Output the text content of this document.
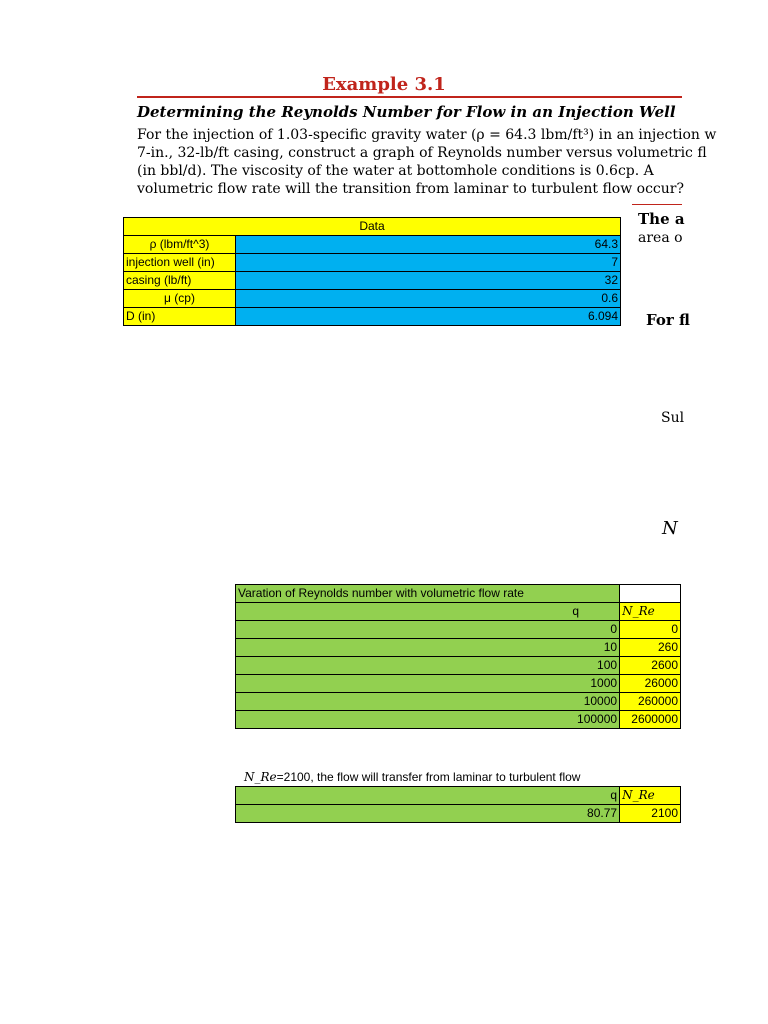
Example 3.1
Determining the Reynolds Number for Flow in an Injection Well
For the injection of 1.03-specific gravity water (ρ = 64.3 lbm/ft³) in an injection w
7-in., 32-lb/ft casing, construct a graph of Reynolds number versus volumetric fl
(in bbl/d). The viscosity of the water at bottomhole conditions is 0.6cp. A
volumetric flow rate will the transition from laminar to turbulent flow occur?
The a
area o
For fl
Sul
N
Data	
ρ (lbm/ft^3)	64.3
injection well (in)	7
casing (lb/ft)	32
μ (cp)	0.6
D (in)	6.094
Varation of Reynolds number with volumetric flow rate	
q	N_Re
0	0
10	260
100	2600
1000	26000
10000	260000
100000	2600000
N_Re=2100, the flow will transfer from laminar to turbulent flow
q	N_Re
80.77	2100
